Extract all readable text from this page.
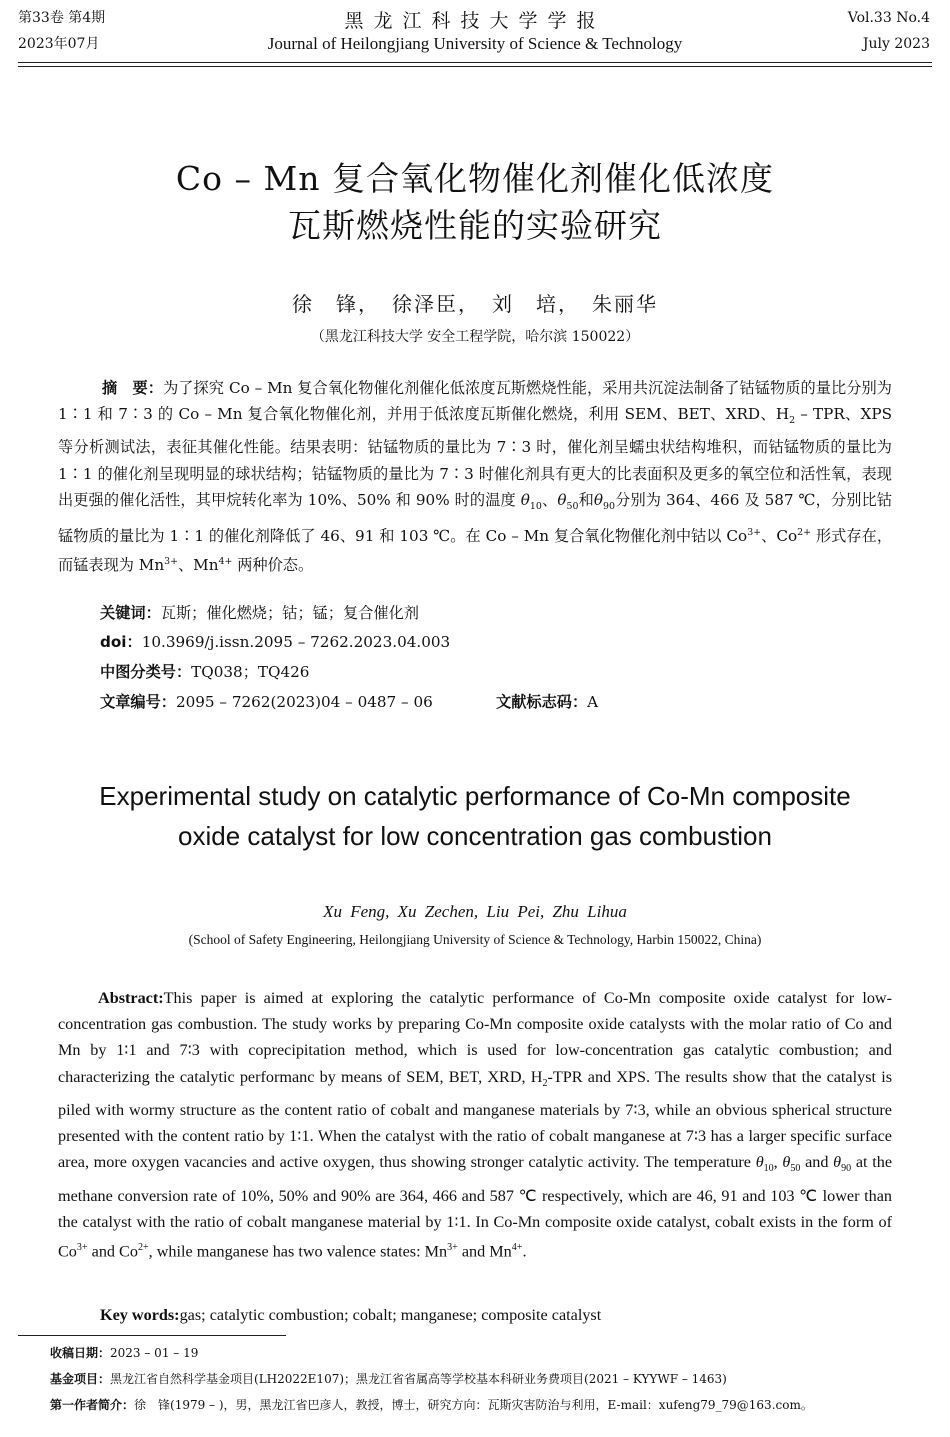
第33卷 第4期
2023年07月
黑龙江科技大学学报
Journal of Heilongjiang University of Science & Technology
Vol.33 No.4
July 2023
Co – Mn 复合氧化物催化剂催化低浓度
瓦斯燃烧性能的实验研究
徐　锋，　徐泽臣，　刘　培，　朱丽华
（黑龙江科技大学 安全工程学院，哈尔滨 150022）
摘　要：为了探究 Co – Mn 复合氧化物催化剂催化低浓度瓦斯燃烧性能，采用共沉淀法制备了钴锰物质的量比分别为 1∶1 和 7∶3 的 Co – Mn 复合氧化物催化剂，并用于低浓度瓦斯催化燃烧，利用 SEM、BET、XRD、$H_2$ – TPR、XPS 等分析测试法，表征其催化性能。结果表明：钴锰物质的量比为 7∶3 时，催化剂呈蠕虫状结构堆积，而钴锰物质的量比为 1∶1 的催化剂呈现明显的球状结构；钴锰物质的量比为 7∶3 时催化剂具有更大的比表面积及更多的氧空位和活性氧，表现出更强的催化活性，其甲烷转化率为 10%、50% 和 90% 时的温度 $\theta_{10}$、$\theta_{50}$和$\theta_{90}$分别为 364、466 及 587 ℃，分别比钴锰物质的量比为 1∶1 的催化剂降低了 46、91 和 103 ℃。在 Co – Mn 复合氧化物催化剂中钴以 $Co^{3+}$、$Co^{2+}$ 形式存在，而锰表现为 $Mn^{3+}$、$Mn^{4+}$ 两种价态。
关键词：瓦斯；催化燃烧；钴；锰；复合催化剂
doi：10.3969/j.issn.2095 – 7262.2023.04.003
中图分类号：TQ038；TQ426
文章编号：2095 – 7262(2023)04 – 0487 – 06	文献标志码：A
Experimental study on catalytic performance of Co-Mn composite
oxide catalyst for low concentration gas combustion
Xu Feng, Xu Zechen, Liu Pei, Zhu Lihua
(School of Safety Engineering, Heilongjiang University of Science & Technology, Harbin 150022, China)
Abstract:This paper is aimed at exploring the catalytic performance of Co-Mn composite oxide catalyst for low-concentration gas combustion. The study works by preparing Co-Mn composite oxide catalysts with the molar ratio of Co and Mn by 1∶1 and 7∶3 with coprecipitation method, which is used for low-concentration gas catalytic combustion; and characterizing the catalytic performanc by means of SEM, BET, XRD, $H_2$-TPR and XPS. The results show that the catalyst is piled with wormy structure as the content ratio of cobalt and manganese materials by 7∶3, while an obvious spherical structure presented with the content ratio by 1∶1. When the catalyst with the ratio of cobalt manganese at 7∶3 has a larger specific surface area, more oxygen vacancies and active oxygen, thus showing stronger catalytic activity. The temperature $\theta_{10}$, $\theta_{50}$ and $\theta_{90}$ at the methane conversion rate of 10%, 50% and 90% are 364, 466 and 587 ℃ respectively, which are 46, 91 and 103 ℃ lower than the catalyst with the ratio of cobalt manganese material by 1∶1. In Co-Mn composite oxide catalyst, cobalt exists in the form of $Co^{3+}$ and $Co^{2+}$, while manganese has two valence states: $Mn^{3+}$ and $Mn^{4+}$.
Key words:gas; catalytic combustion; cobalt; manganese; composite catalyst
收稿日期：2023 – 01 – 19
基金项目：黑龙江省自然科学基金项目(LH2022E107)；黑龙江省省属高等学校基本科研业务费项目(2021 – KYYWF – 1463)
第一作者简介：徐　锋(1979 – )，男，黑龙江省巴彦人，教授，博士，研究方向：瓦斯灾害防治与利用，E-mail：xufeng79_79@163.com。
